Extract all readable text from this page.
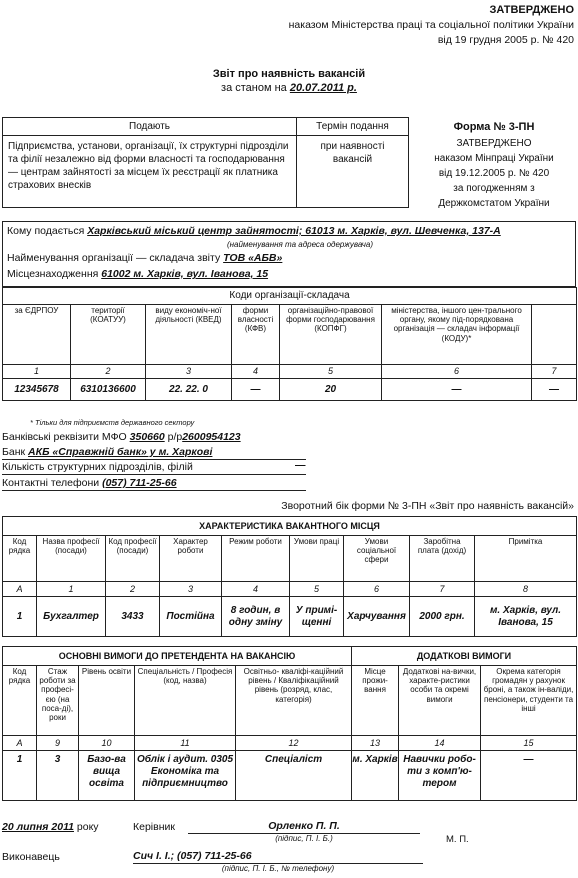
ЗАТВЕРДЖЕНО
наказом Міністерства праці та соціальної політики України
від 19 грудня 2005 р. № 420
Звіт про наявність вакансій
за станом на 20.07.2011 р.
Подають	Термін подання
Підприємства, установи, організації, їх структурні підрозділи та філії незалежно від форми власності та господарювання — центрам зайнятості за місцем їх реєстрації як платника страхових внесків	при наявності вакансій
Форма № 3-ПН
ЗАТВЕРДЖЕНО
наказом Мінпраці України
від 19.12.2005 р. № 420
за погодженням з
Держкомстатом України
Кому подається Харківський міський центр зайнятості; 61013 м. Харків, вул. Шевченка, 137-А
(найменування та адреса одержувача)
Найменування організації — складача звіту ТОВ «АБВ»
Місцезнаходження 61002 м. Харків, вул. Іванова, 15
Коди організації-складача						
за ЄДРПОУ	території (КОАТУУ)	виду економіч-ної діяльності (КВЕД)	форми власності (КФВ)	організаційно-правової форми господарювання (КОПФГ)	міністерства, іншого цен-трального органу, якому під-порядкована організація — складач інформації (КОДУ)*	
1	2	3	4	5	6	7
12345678	6310136600	22. 22. 0	—	20	—	—
* Тільки для підприємств державного сектору
Банківські реквізити МФО 350660 р/р2600954123
Банк АКБ «Справжній банк» у м. Харкові
Кількість структурних підрозділів, філій	—
Контактні телефони (057) 711-25-66
Зворотний бік форми № 3-ПН «Звіт про наявність вакансій»
ХАРАКТЕРИСТИКА ВАКАНТНОГО МІСЦЯ								
Код рядка	Назва професії (посади)	Код професії (посади)	Характер роботи	Режим роботи	Умови праці	Умови соціальної сфери	Заробітна плата (дохід)	Примітка
А	1	2	3	4	5	6	7	8
1	Бухгалтер	3433	Постійна	8 годин, в одну зміну	У примі-щенні	Харчування	2000 грн.	м. Харків, вул. Іванова, 15
ОСНОВНІ ВИМОГИ ДО ПРЕТЕНДЕНТА НА ВАКАНСІЮ					ДОДАТКОВІ ВИМОГИ		
Код рядка	Стаж роботи за професі-єю (на поса-ді), роки	Рівень освіти	Спеціальність / Професія (код, назва)	Освітньо- кваліфі-каційний рівень / Кваліфікаційний рівень (розряд, клас, категорія)	Місце прожи-вання	Додаткові на-вички, характе-ристики особи та окремі вимоги	Окрема категорія громадян у рахунок броні, а також ін-валіди, пенсіонери, студенти та інші
А	9	10	11	12	13	14	15
1	3	Базо-ва вища освіта	Облік і аудит. 0305 Економіка та підприємництво	Спеціаліст	м. Харків	Навички робо-ти з комп'ю-тером	—
20 липня 2011 року	Керівник	Орленко П. П.
(підпис, П. І. Б.)	М. П.
Виконавець	Сич І. І.; (057) 711-25-66
(підпис, П. І. Б., № телефону)
